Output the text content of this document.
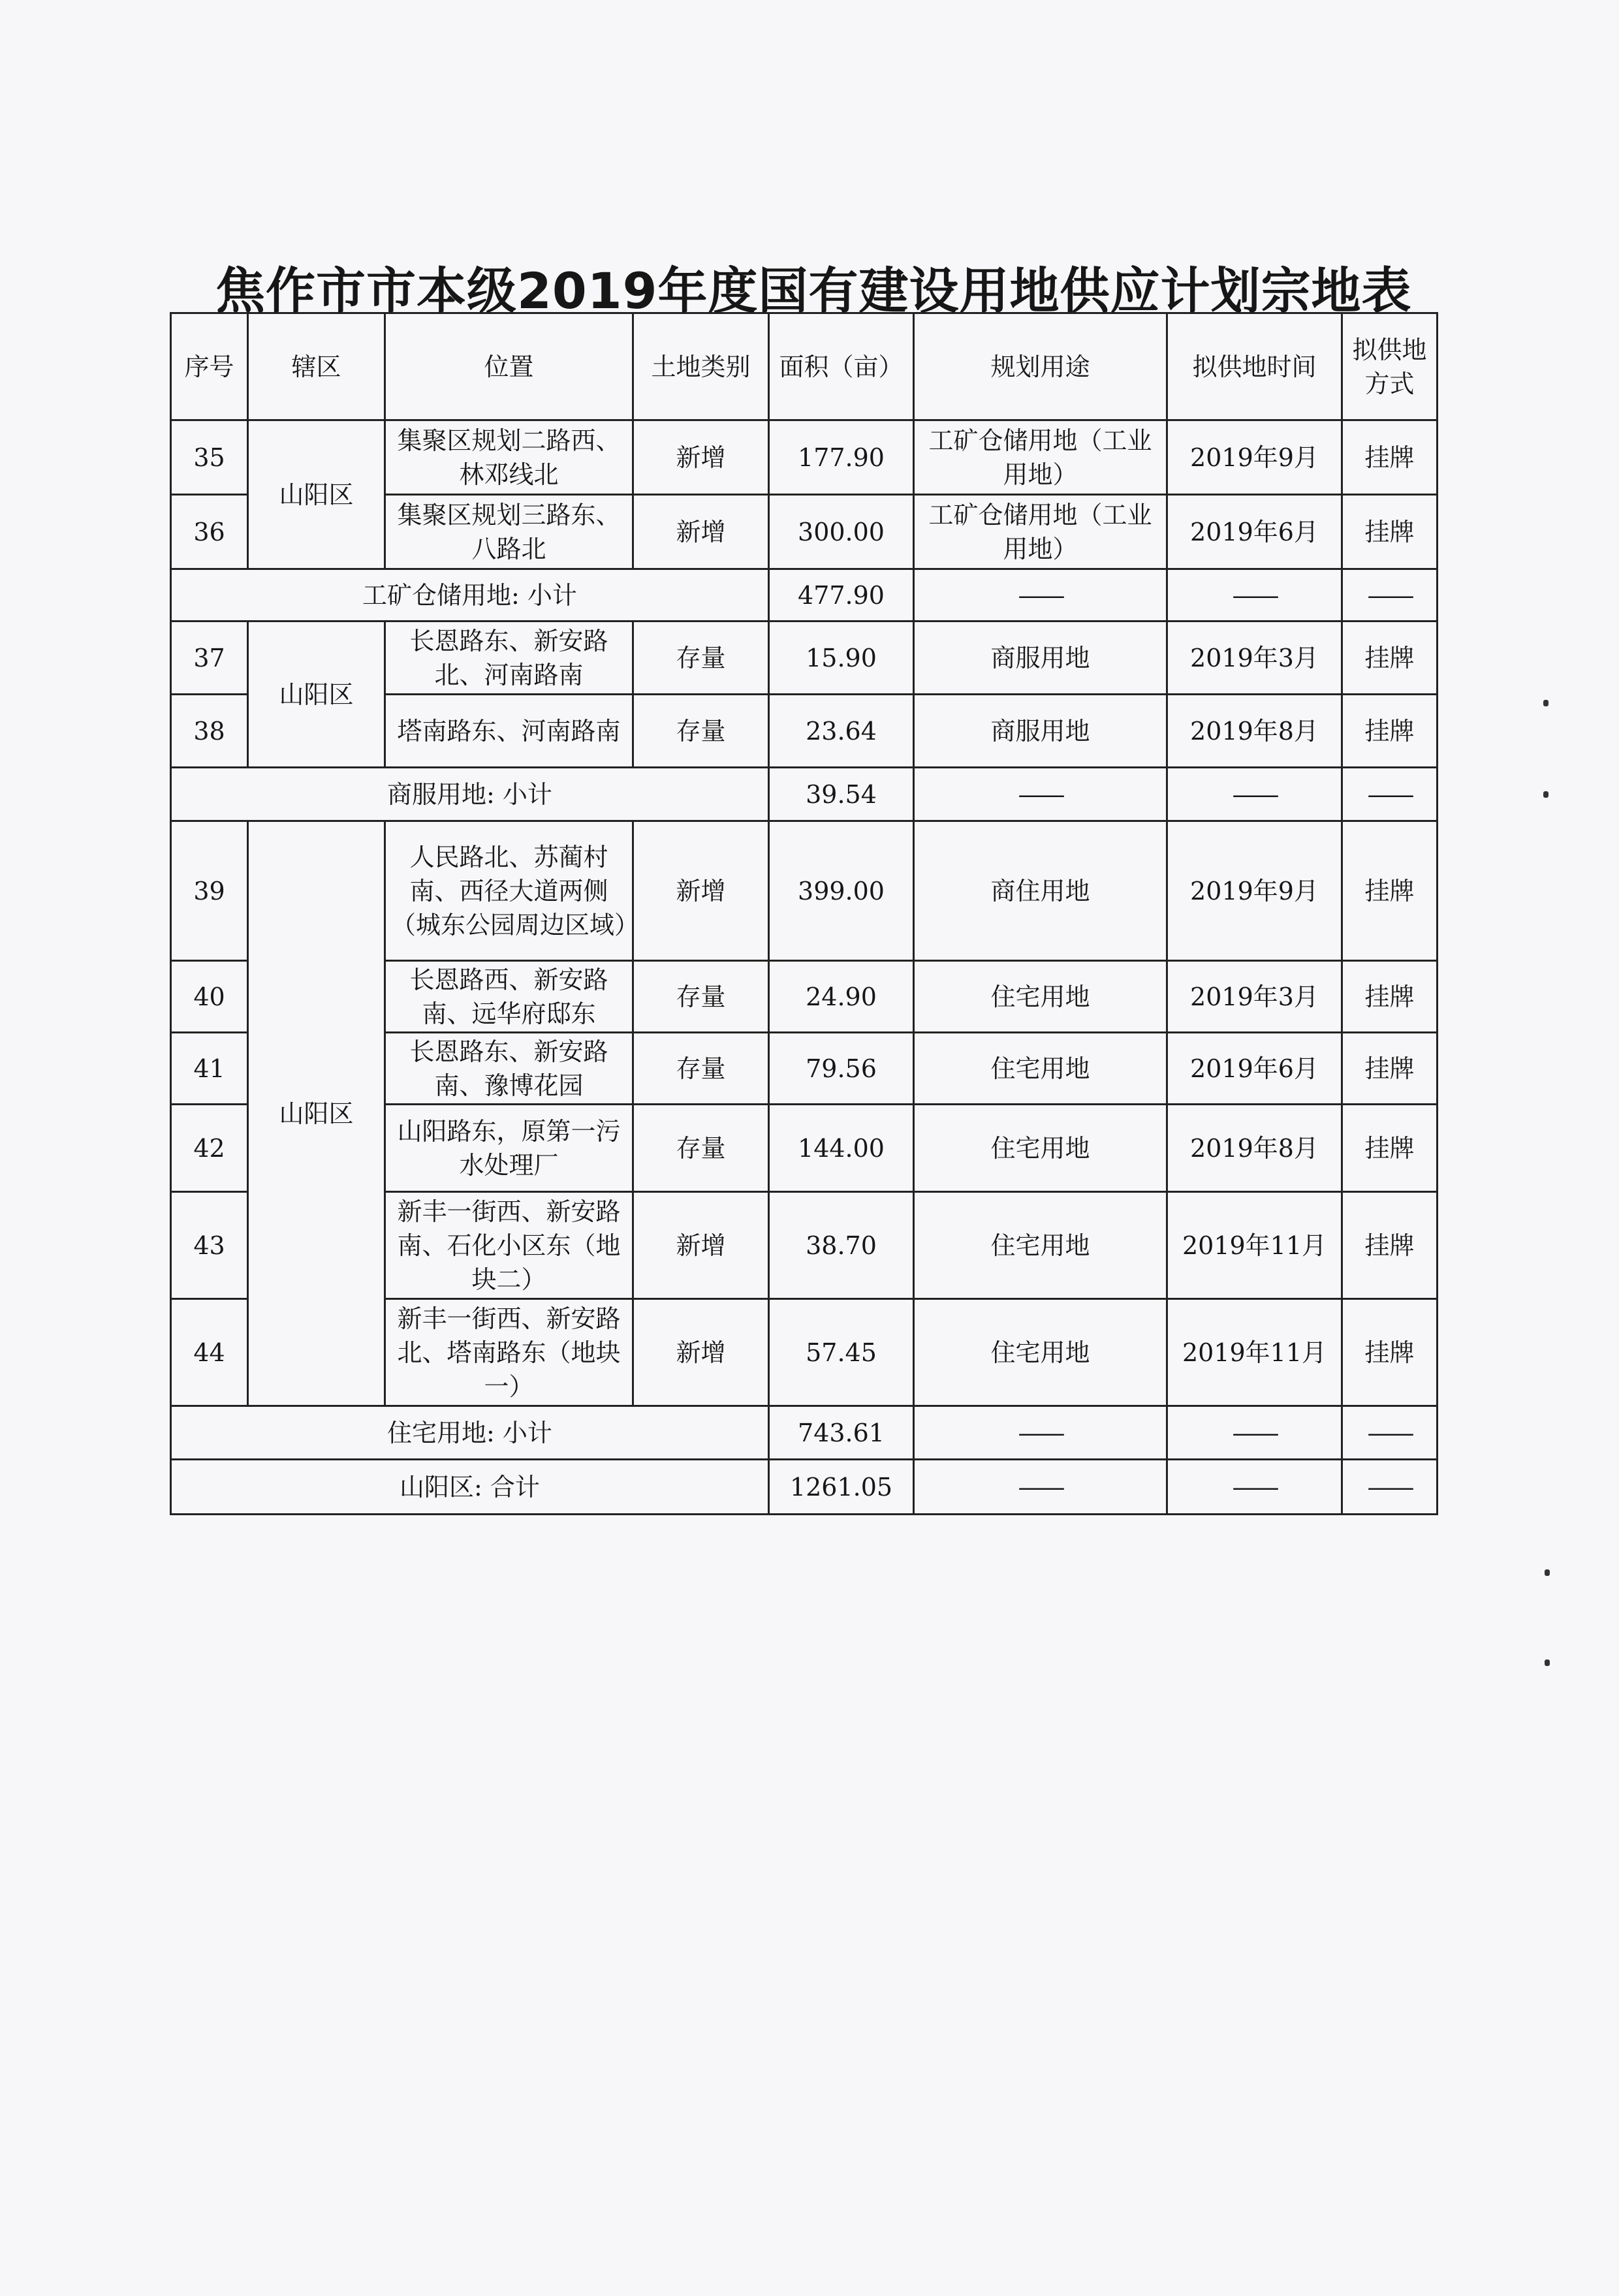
焦作市市本级2019年度国有建设用地供应计划宗地表
序号	辖区	位置	土地类别	面积（亩）	规划用途	拟供地时间	拟供地方式
35	山阳区	集聚区规划二路西、林邓线北	新增	177.90	工矿仓储用地（工业用地）	2019年9月	挂牌
36		集聚区规划三路东、八路北	新增	300.00	工矿仓储用地（工业用地）	2019年6月	挂牌
工矿仓储用地: 小计				477.90	——	——	——
37	山阳区	长恩路东、新安路北、河南路南	存量	15.90	商服用地	2019年3月	挂牌
38		塔南路东、河南路南	存量	23.64	商服用地	2019年8月	挂牌
商服用地: 小计				39.54	——	——	——
39	山阳区	人民路北、苏蔺村南、西径大道两侧（城东公园周边区域）	新增	399.00	商住用地	2019年9月	挂牌
40		长恩路西、新安路南、远华府邸东	存量	24.90	住宅用地	2019年3月	挂牌
41		长恩路东、新安路南、豫博花园	存量	79.56	住宅用地	2019年6月	挂牌
42		山阳路东，原第一污水处理厂	存量	144.00	住宅用地	2019年8月	挂牌
43		新丰一街西、新安路南、石化小区东（地块二）	新增	38.70	住宅用地	2019年11月	挂牌
44		新丰一街西、新安路北、塔南路东（地块一）	新增	57.45	住宅用地	2019年11月	挂牌
住宅用地: 小计				743.61	——	——	——
山阳区: 合计				1261.05	——	——	——
